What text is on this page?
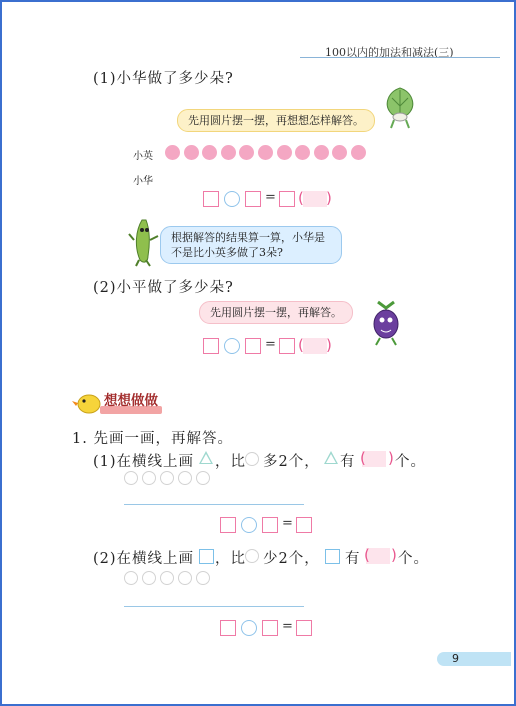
100以内的加法和减法(三)
(1)小华做了多少朵?
先用圆片摆一摆，再想想怎样解答。
小英
小华
= ( )
根据解答的结果算一算，小华是不是比小英多做了3朵?
(2)小平做了多少朵?
先用圆片摆一摆，再解答。
= ( )
想想做做
1. 先画一画，再解答。
(1)在横线上画 ，比 多2个， 有 ( ) 个。
=
(2)在横线上画 ，比 少2个， 有 ( ) 个。
=
9
